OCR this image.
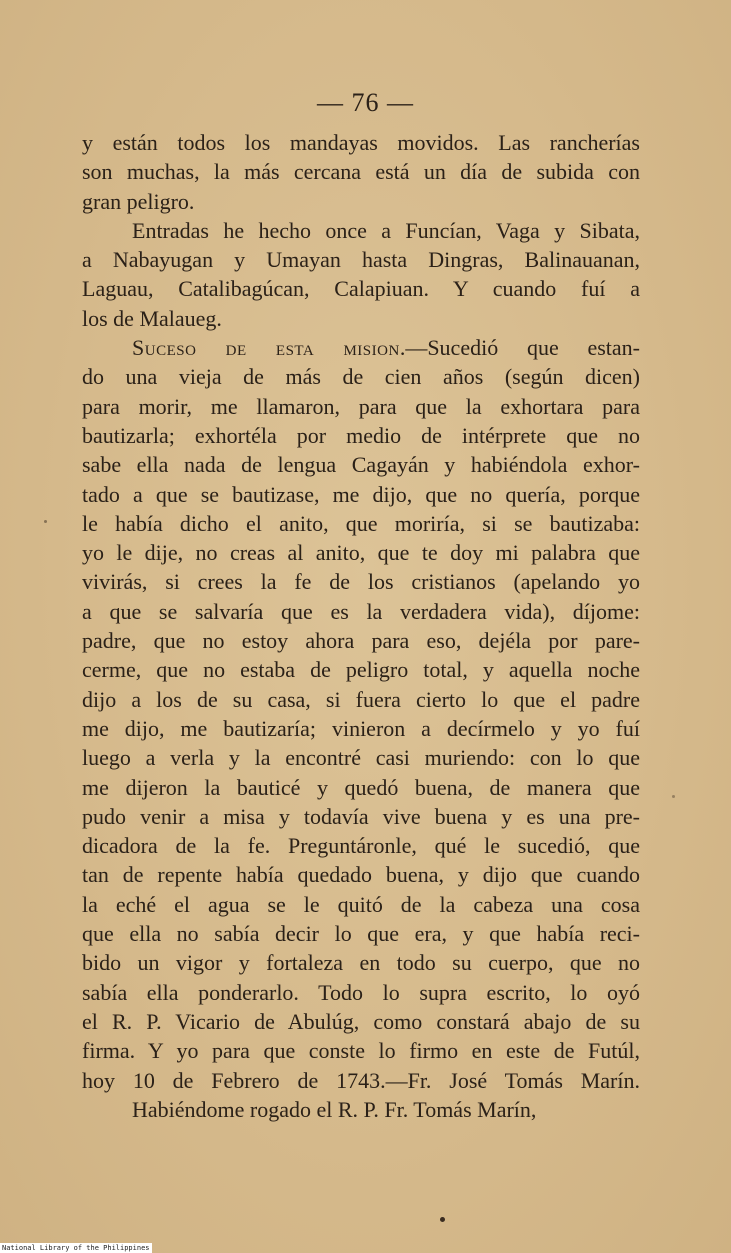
— 76 —
y están todos los mandayas movidos. Las rancherías
son muchas, la más cercana está un día de subida con
gran peligro.
Entradas he hecho once a Funcían, Vaga y Sibata,
a Nabayugan y Umayan hasta Dingras, Balinauanan,
Laguau, Catalibagúcan, Calapiuan. Y cuando fuí a
los de Malaueg.
Suceso de esta mision.—Sucedió que estan-
do una vieja de más de cien años (según dicen)
para morir, me llamaron, para que la exhortara para
bautizarla; exhortéla por medio de intérprete que no
sabe ella nada de lengua Cagayán y habiéndola exhor-
tado a que se bautizase, me dijo, que no quería, porque
le había dicho el anito, que moriría, si se bautizaba:
yo le dije, no creas al anito, que te doy mi palabra que
vivirás, si crees la fe de los cristianos (apelando yo
a que se salvaría que es la verdadera vida), díjome:
padre, que no estoy ahora para eso, dejéla por pare-
cerme, que no estaba de peligro total, y aquella noche
dijo a los de su casa, si fuera cierto lo que el padre
me dijo, me bautizaría; vinieron a decírmelo y yo fuí
luego a verla y la encontré casi muriendo: con lo que
me dijeron la bauticé y quedó buena, de manera que
pudo venir a misa y todavía vive buena y es una pre-
dicadora de la fe. Preguntáronle, qué le sucedió, que
tan de repente había quedado buena, y dijo que cuando
la eché el agua se le quitó de la cabeza una cosa
que ella no sabía decir lo que era, y que había reci-
bido un vigor y fortaleza en todo su cuerpo, que no
sabía ella ponderarlo. Todo lo supra escrito, lo oyó
el R. P. Vicario de Abulúg, como constará abajo de su
firma. Y yo para que conste lo firmo en este de Futúl,
hoy 10 de Febrero de 1743.—Fr. José Tomás Marín.
Habiéndome rogado el R. P. Fr. Tomás Marín,
National Library of the Philippines
